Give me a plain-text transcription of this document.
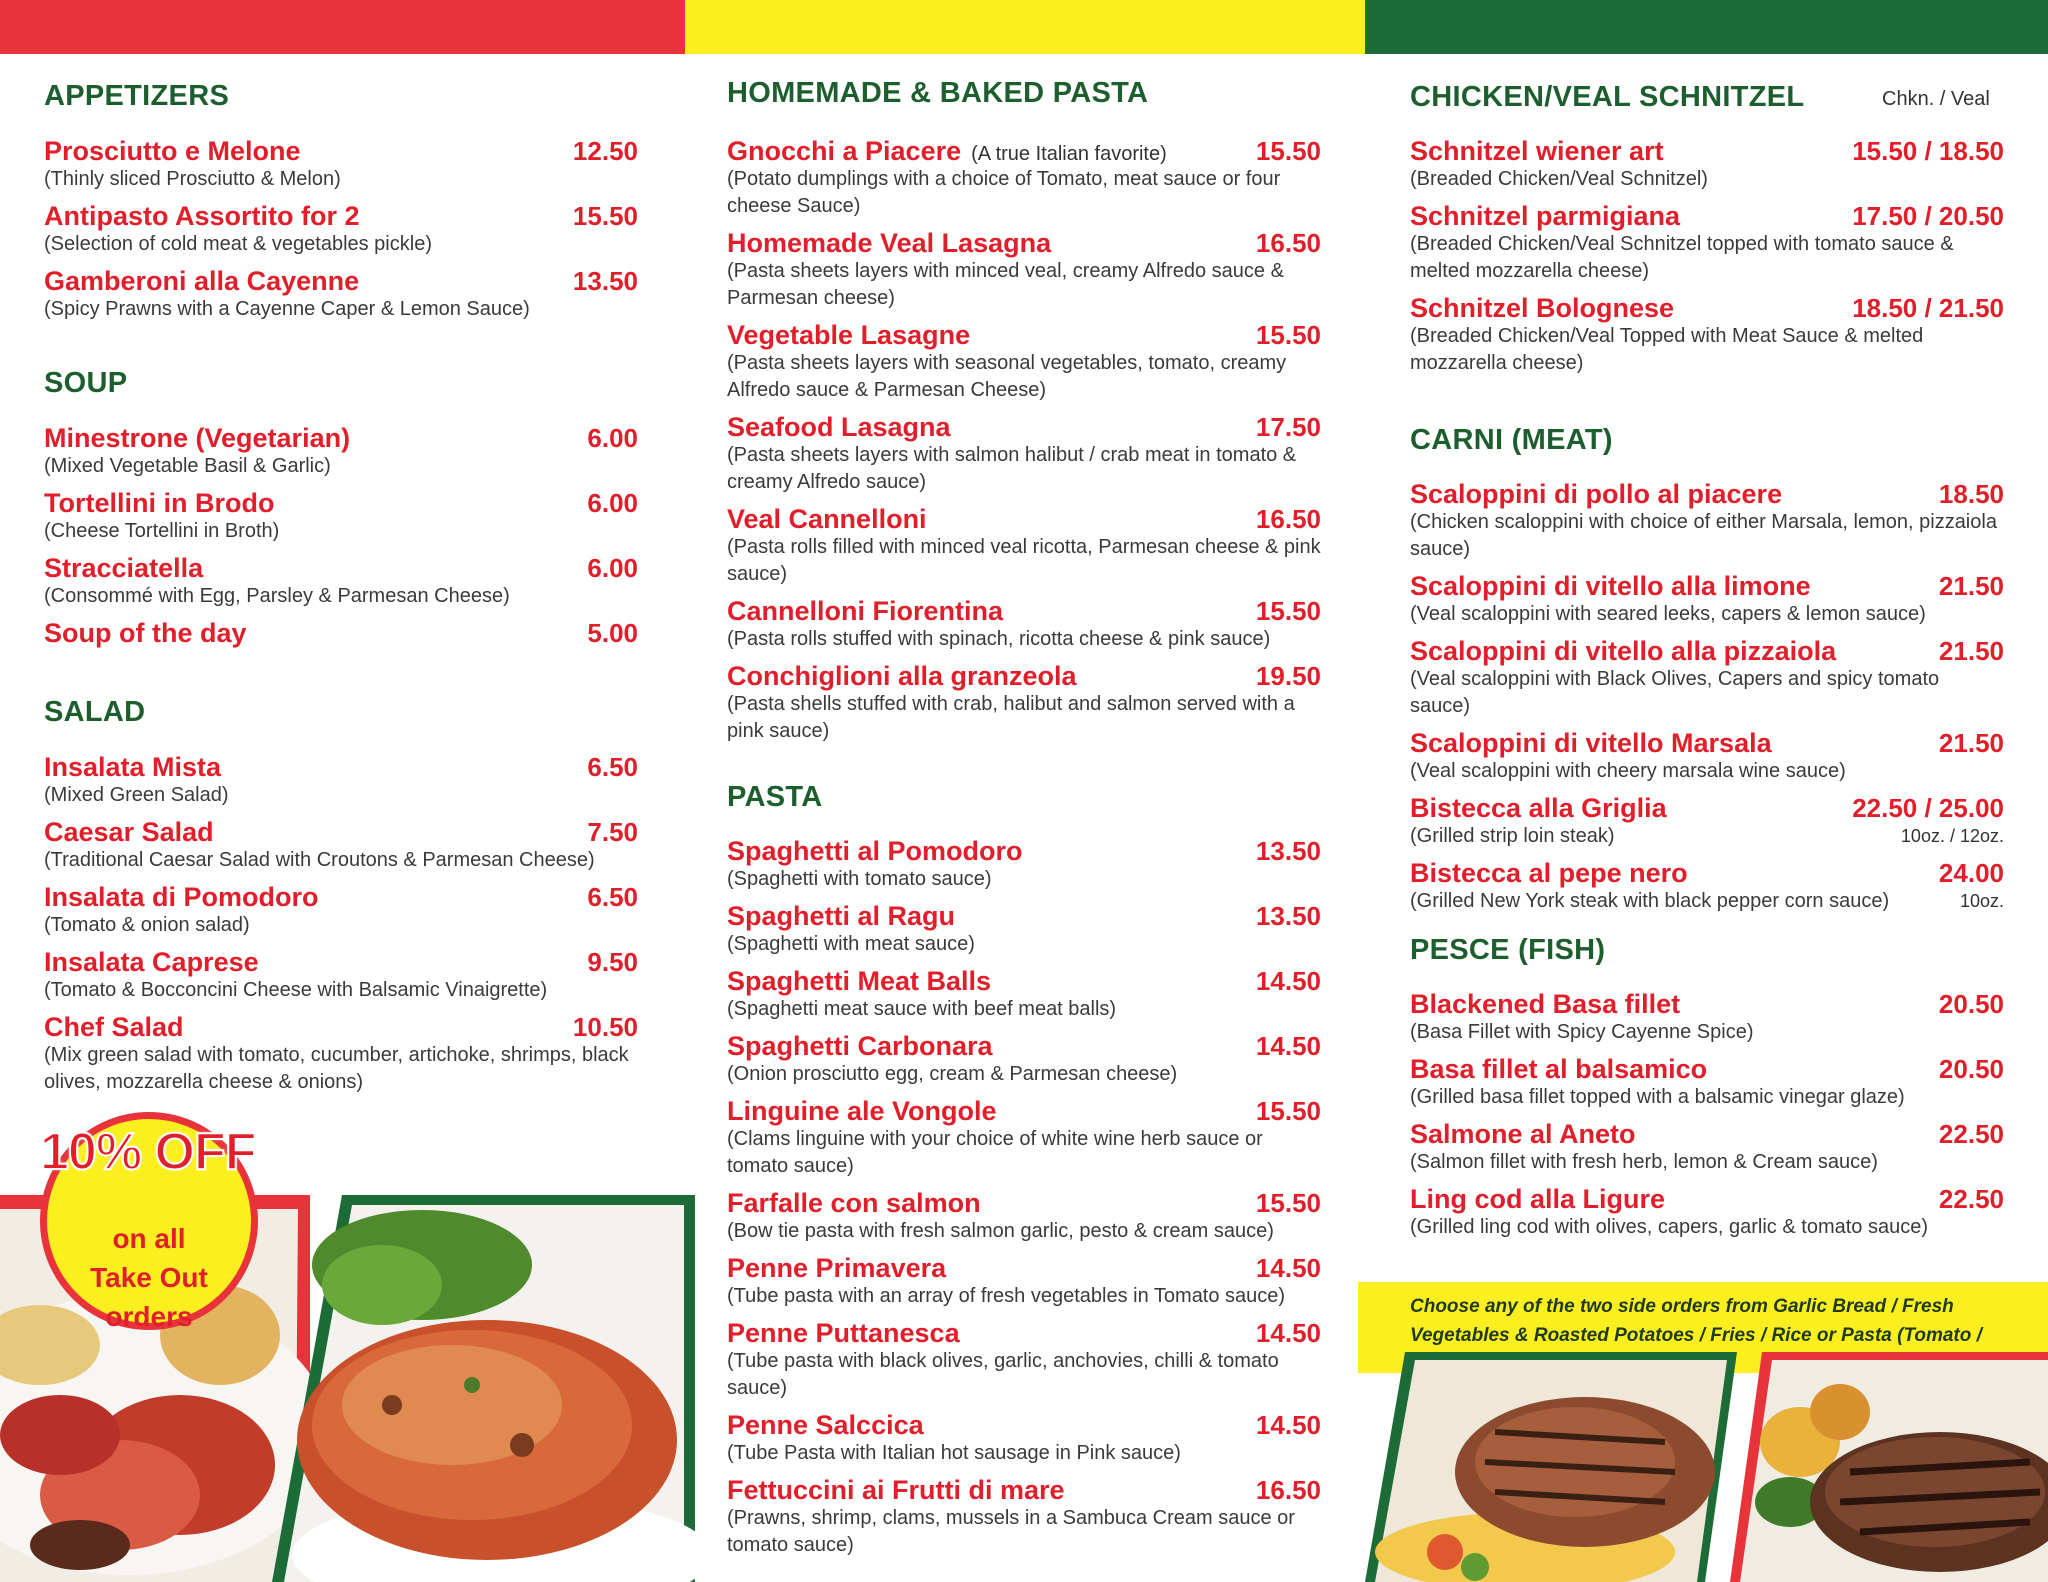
APPETIZERS
Prosciutto e Melone	12.50
(Thinly sliced Prosciutto & Melon)
Antipasto Assortito for 2	15.50
(Selection of cold meat & vegetables pickle)
Gamberoni alla Cayenne	13.50
(Spicy Prawns with a Cayenne Caper & Lemon Sauce)
SOUP
Minestrone (Vegetarian)	6.00
(Mixed Vegetable Basil & Garlic)
Tortellini in Brodo	6.00
(Cheese Tortellini in Broth)
Stracciatella	6.00
(Consommé with Egg, Parsley & Parmesan Cheese)
Soup of the day	5.00
SALAD
Insalata Mista	6.50
(Mixed Green Salad)
Caesar Salad	7.50
(Traditional Caesar Salad with Croutons & Parmesan Cheese)
Insalata di Pomodoro	6.50
(Tomato & onion salad)
Insalata Caprese	9.50
(Tomato & Bocconcini Cheese with Balsamic Vinaigrette)
Chef Salad	10.50
(Mix green salad with tomato, cucumber, artichoke, shrimps, black olives, mozzarella cheese & onions)
on all
Take Out
orders
10% OFF
HOMEMADE & BAKED PASTA
Gnocchi a Piacere (A true Italian favorite)	15.50
(Potato dumplings with a choice of Tomato, meat sauce or four cheese Sauce)
Homemade Veal Lasagna	16.50
(Pasta sheets layers with minced veal, creamy Alfredo sauce & Parmesan cheese)
Vegetable Lasagne	15.50
(Pasta sheets layers with seasonal vegetables, tomato, creamy Alfredo sauce & Parmesan Cheese)
Seafood Lasagna	17.50
(Pasta sheets layers with salmon halibut / crab meat in tomato & creamy Alfredo sauce)
Veal Cannelloni	16.50
(Pasta rolls filled with minced veal ricotta, Parmesan cheese & pink sauce)
Cannelloni Fiorentina	15.50
(Pasta rolls stuffed with spinach, ricotta cheese & pink sauce)
Conchiglioni alla granzeola	19.50
(Pasta shells stuffed with crab, halibut and salmon served with a pink sauce)
PASTA
Spaghetti al Pomodoro	13.50
(Spaghetti with tomato sauce)
Spaghetti al Ragu	13.50
(Spaghetti with meat sauce)
Spaghetti Meat Balls	14.50
(Spaghetti meat sauce with beef meat balls)
Spaghetti Carbonara	14.50
(Onion prosciutto egg, cream & Parmesan cheese)
Linguine ale Vongole	15.50
(Clams linguine with your choice of white wine herb sauce or tomato sauce)
Farfalle con salmon	15.50
(Bow tie pasta with fresh salmon garlic, pesto & cream sauce)
Penne Primavera	14.50
(Tube pasta with an array of fresh vegetables in Tomato sauce)
Penne Puttanesca	14.50
(Tube pasta with black olives, garlic, anchovies, chilli & tomato sauce)
Penne Salccica	14.50
(Tube Pasta with Italian hot sausage in Pink sauce)
Fettuccini ai Frutti di mare	16.50
(Prawns, shrimp, clams, mussels in a Sambuca Cream sauce or tomato sauce)
CHICKEN/VEAL SCHNITZEL	Chkn. / Veal
Schnitzel wiener art	15.50 / 18.50
(Breaded Chicken/Veal Schnitzel)
Schnitzel parmigiana	17.50 / 20.50
(Breaded Chicken/Veal Schnitzel topped with tomato sauce & melted mozzarella cheese)
Schnitzel Bolognese	18.50 / 21.50
(Breaded Chicken/Veal Topped with Meat Sauce & melted mozzarella cheese)
CARNI (MEAT)
Scaloppini di pollo al piacere	18.50
(Chicken scaloppini with choice of either Marsala, lemon, pizzaiola sauce)
Scaloppini di vitello alla limone	21.50
(Veal scaloppini with seared leeks, capers & lemon sauce)
Scaloppini di vitello alla pizzaiola	21.50
(Veal scaloppini with Black Olives, Capers and spicy tomato sauce)
Scaloppini di vitello Marsala	21.50
(Veal scaloppini with cheery marsala wine sauce)
Bistecca alla Griglia	22.50 / 25.00
(Grilled strip loin steak)	10oz. / 12oz.
Bistecca al pepe nero	24.00
(Grilled New York steak with black pepper corn sauce)	10oz.
PESCE (FISH)
Blackened Basa fillet	20.50
(Basa Fillet with Spicy Cayenne Spice)
Basa fillet al balsamico	20.50
(Grilled basa fillet topped with a balsamic vinegar glaze)
Salmone al Aneto	22.50
(Salmon fillet with fresh herb, lemon & Cream sauce)
Ling cod alla Ligure	22.50
(Grilled ling cod with olives, capers, garlic & tomato sauce)
Choose any of the two side orders from Garlic Bread / Fresh Vegetables & Roasted Potatoes / Fries / Rice or Pasta (Tomato /
